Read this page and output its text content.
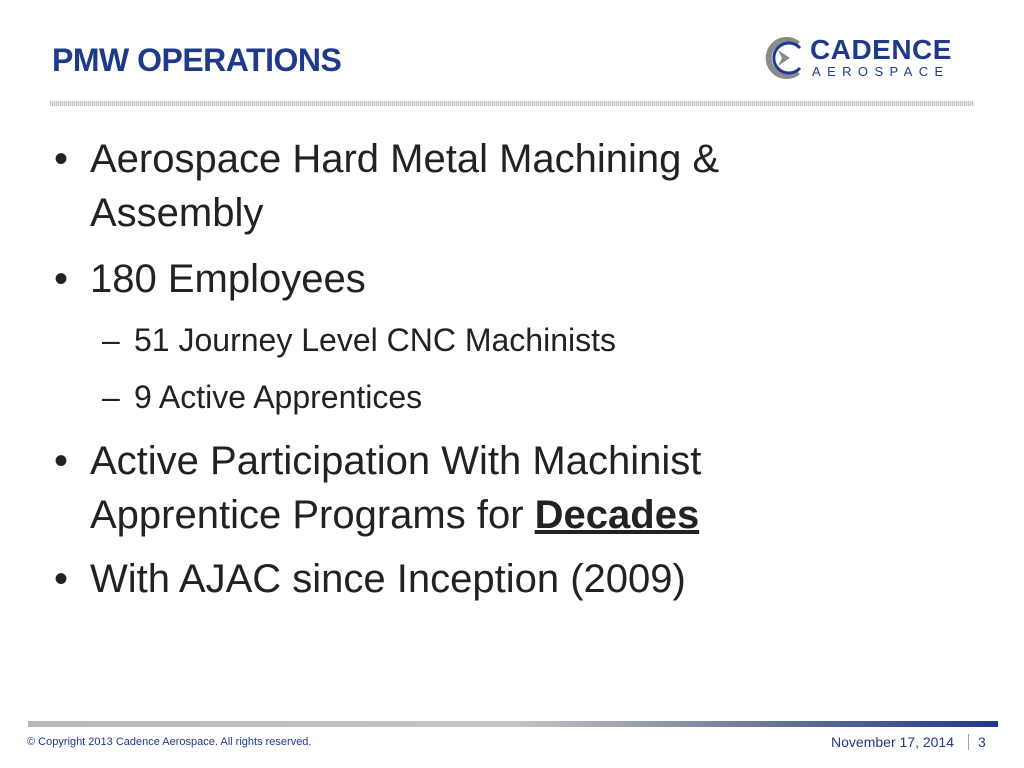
PMW OPERATIONS	CADENCE
AEROSPACE
• Aerospace Hard Metal Machining &
Assembly
• 180 Employees
– 51 Journey Level CNC Machinists
– 9 Active Apprentices
• Active Participation With Machinist
Apprentice Programs for Decades
• With AJAC since Inception (2009)
© Copyright 2013 Cadence Aerospace. All rights reserved.	November 17, 2014 3
